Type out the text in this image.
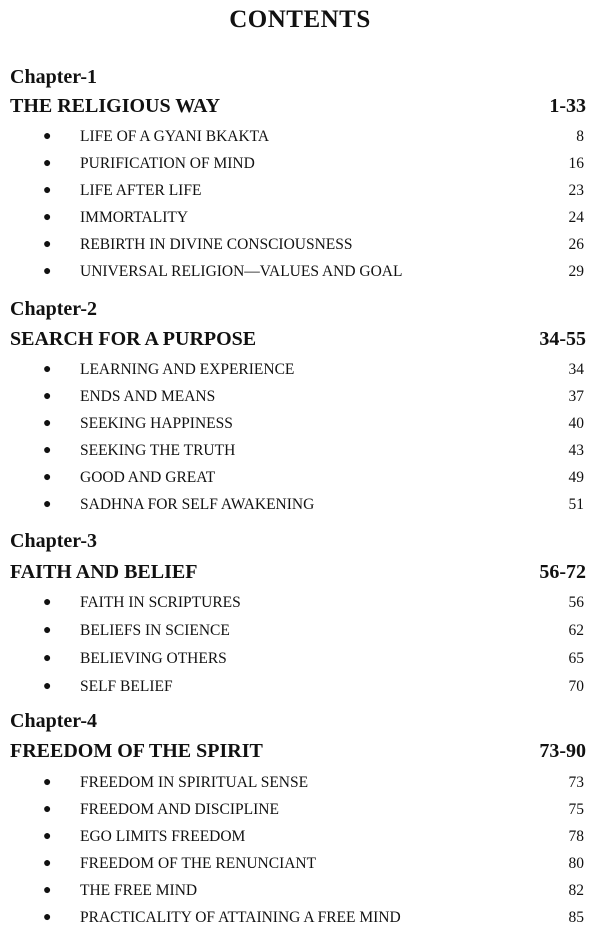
CONTENTS
Chapter-1
THE RELIGIOUS WAY	1-33
● LIFE OF A GYANI BKAKTA	8
● PURIFICATION OF MIND	16
● LIFE AFTER LIFE	23
● IMMORTALITY	24
● REBIRTH IN DIVINE CONSCIOUSNESS	26
● UNIVERSAL RELIGION—VALUES AND GOAL	29
Chapter-2
SEARCH FOR A PURPOSE	34-55
● LEARNING AND EXPERIENCE	34
● ENDS AND MEANS	37
● SEEKING HAPPINESS	40
● SEEKING THE TRUTH	43
● GOOD AND GREAT	49
● SADHNA FOR SELF AWAKENING	51
Chapter-3
FAITH AND BELIEF	56-72
● FAITH IN SCRIPTURES	56
● BELIEFS IN SCIENCE	62
● BELIEVING OTHERS	65
● SELF BELIEF	70
Chapter-4
FREEDOM OF THE SPIRIT	73-90
● FREEDOM IN SPIRITUAL SENSE	73
● FREEDOM AND DISCIPLINE	75
● EGO LIMITS FREEDOM	78
● FREEDOM OF THE RENUNCIANT	80
● THE FREE MIND	82
● PRACTICALITY OF ATTAINING A FREE MIND	85
